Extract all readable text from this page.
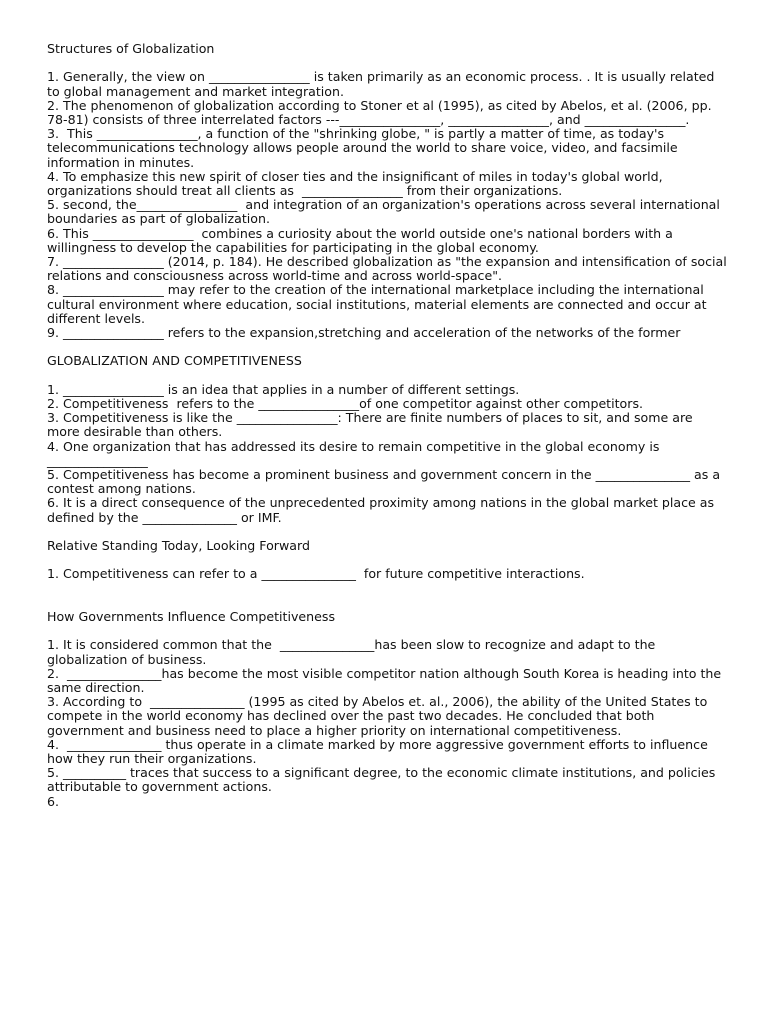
Structures of Globalization

1. Generally, the view on ________________ is taken primarily as an economic process. . It is usually related to global management and market integration.

2. The phenomenon of globalization according to Stoner et al (1995), as cited by Abelos, et al. (2006, pp. 78-81) consists of three interrelated factors ---________________, ________________, and ________________.

3.  This ________________, a function of the "shrinking globe, " is partly a matter of time, as today's telecommunications technology allows people around the world to share voice, video, and facsimile information in minutes.

4. To emphasize this new spirit of closer ties and the insignificant of miles in today's global world, organizations should treat all clients as  ________________ from their organizations.

5. second, the________________  and integration of an organization's operations across several international boundaries as part of globalization.

6. This ________________  combines a curiosity about the world outside one's national borders with a willingness to develop the capabilities for participating in the global economy.

7. ________________ (2014, p. 184). He described globalization as "the expansion and intensification of social relations and consciousness across world-time and across world-space".

8. ________________ may refer to the creation of the international marketplace including the international cultural environment where education, social institutions, material elements are connected and occur at different levels.

9. ________________ refers to the expansion,stretching and acceleration of the networks of the former

GLOBALIZATION AND COMPETITIVENESS

1. ________________ is an idea that applies in a number of different settings.

2. Competitiveness  refers to the ________________of one competitor against other competitors.

3. Competitiveness is like the ________________: There are finite numbers of places to sit, and some are more desirable than others.

4. One organization that has addressed its desire to remain competitive in the global economy is ________________

5. Competitiveness has become a prominent business and government concern in the _______________ as a contest among nations.

6. It is a direct consequence of the unprecedented proximity among nations in the global market place as defined by the _______________ or IMF.

Relative Standing Today, Looking Forward

1. Competitiveness can refer to a _______________  for future competitive interactions.

How Governments Influence Competitiveness

1. It is considered common that the  _______________has been slow to recognize and adapt to the globalization of business.

2.  _______________has become the most visible competitor nation although South Korea is heading into the same direction.

3. According to  _______________ (1995 as cited by Abelos et. al., 2006), the ability of the United States to compete in the world economy has declined over the past two decades. He concluded that both government and business need to place a higher priority on international competitiveness.

4.  _______________ thus operate in a climate marked by more aggressive government efforts to influence how they run their organizations.

5. __________ traces that success to a significant degree, to the economic climate institutions, and policies attributable to government actions.

6.
